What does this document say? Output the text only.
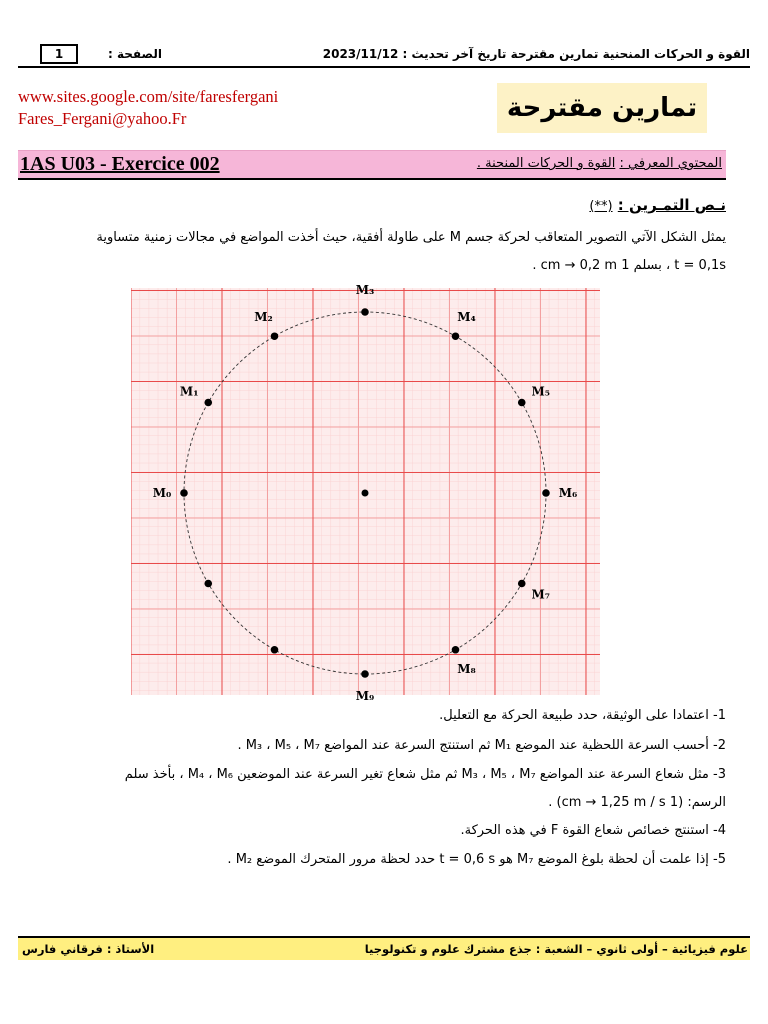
القوة و الحركات المنحنية تمارين مقترحة تاريخ آخر تحديث : 2023/11/12
الصفحة :
1
www.sites.google.com/site/faresfergani
Fares_Fergani@yahoo.Fr	تمارين مقترحة
1AS U03 - Exercice 002	المحتوي المعرفي : القوة و الحركات المنحنة .
نـص التمـرين : (**)
يمثل الشكل الآتي التصوير المتعاقب لحركة جسم M على طاولة أفقية، حيث أخذت المواضع في مجالات زمنية متساوية
t = 0,1s ، بسلم 1 cm → 0,2 m .
M₀
M₁
M₂
M₃
M₄
M₅
M₆
M₇
M₈
M₉
1- اعتمادا على الوثيقة، حدد طبيعة الحركة مع التعليل.
2- أحسب السرعة اللحظية عند الموضع M₁ ثم استنتج السرعة عند المواضع M₃ ، M₅ ، M₇ .
3- مثل شعاع السرعة عند المواضع M₃ ، M₅ ، M₇ ثم مثل شعاع تغير السرعة عند الموضعين M₄ ، M₆ ، بأخذ سلم
الرسم: (1 cm → 1,25 m / s) .
4- استنتج خصائص شعاع القوة F في هذه الحركة.
5- إذا علمت أن لحظة بلوغ الموضع M₇ هو t = 0,6 s حدد لحظة مرور المتحرك الموضع M₂ .
علوم فيزيائية – أولى ثانوي – الشعبة : جذع مشترك علوم و تكنولوجيا
الأستاذ : فرقاني فارس
